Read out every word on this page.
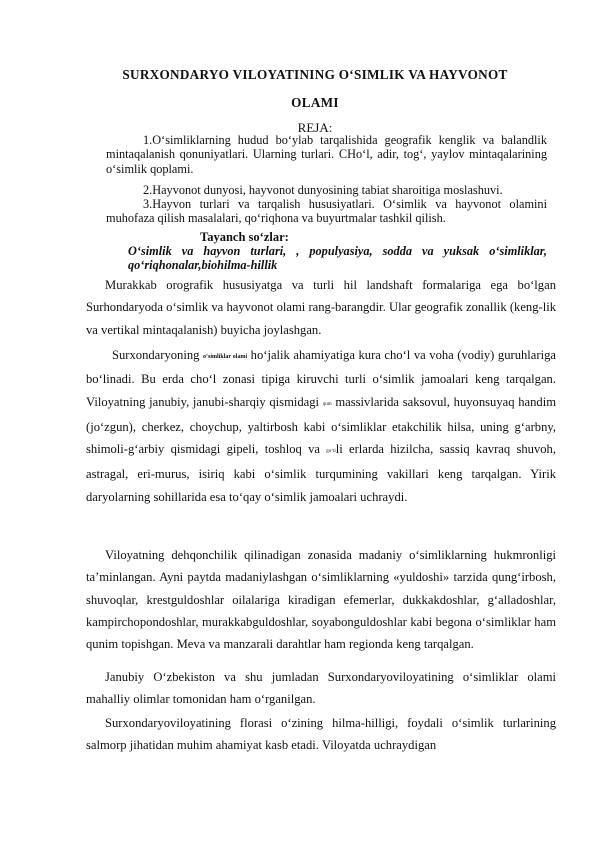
SURXONDARYO VILOYATINING O‘SIMLIK VA HAYVONOT
OLAMI
REJA:
1.O‘simliklarning hudud bo‘ylab tarqalishida geografik kenglik va balandlik mintaqalanish qonuniyatlari. Ularning turlari. CHo‘l, adir, tog‘, yaylov mintaqalarining o‘simlik qoplami.
2.Hayvonot dunyosi, hayvonot dunyosining tabiat sharoitiga moslashuvi.
3.Hayvon turlari va tarqalish hususiyatlari. O‘simlik va hayvonot olamini muhofaza qilish masalalari, qo‘riqhona va buyurtmalar tashkil qilish.
Tayanch so‘zlar:
O‘simlik va hayvon turlari, , populyasiya, sodda va yuksak o‘simliklar, qo‘riqhonalar,biohilma-hillik
Murakkab orografik hususiyatga va turli hil landshaft formalariga ega bo‘lgan Surhondaryoda o‘simlik va hayvonot olami rang-barangdir. Ular geografik zonallik (keng-lik va vertikal mintaqalanish) buyicha joylashgan.
Surxondaryoning o‘simliklar olami ho‘jalik ahamiyatiga kura cho‘l va voha (vodiy) guruhlariga bo‘linadi. Bu erda cho‘l zonasi tipiga kiruvchi turli o‘simlik jamoalari keng tarqalgan. Viloyatning janubiy, janubi-sharqiy qismidagi qum massivlarida saksovul, huyonsuyaq handim (jo‘zgun), cherkez, choychup, yaltirbosh kabi o‘simliklar etakchilik hilsa, uning g‘arbny, shimoli-g‘arbiy qismidagi gipeli, toshloq va go‘tili erlarda hizilcha, sassiq kavraq shuvoh, astragal, eri-murus, isiriq kabi o‘simlik turqumining vakillari keng tarqalgan. Yirik daryolarning sohillarida esa to‘qay o‘simlik jamoalari uchraydi.
Viloyatning dehqonchilik qilinadigan zonasida madaniy o‘simliklarning hukmronligi ta’minlangan. Ayni paytda madaniylashgan o‘simliklarning «yuldoshi» tarzida qung‘irbosh, shuvoqlar, krestguldoshlar oilalariga kiradigan efemerlar, dukkakdoshlar, g‘alladoshlar, kampirchopondoshlar, murakkabguldoshlar, soyabonguldoshlar kabi begona o‘simliklar ham qunim topishgan. Meva va manzarali darahtlar ham regionda keng tarqalgan.
Janubiy O‘zbekiston va shu jumladan Surxondaryoviloyatining o‘simliklar olami mahalliy olimlar tomonidan ham o‘rganilgan.
Surxondaryoviloyatining florasi o‘zining hilma-hilligi, foydali o‘simlik turlarining salmorp jihatidan muhim ahamiyat kasb etadi. Viloyatda uchraydigan
